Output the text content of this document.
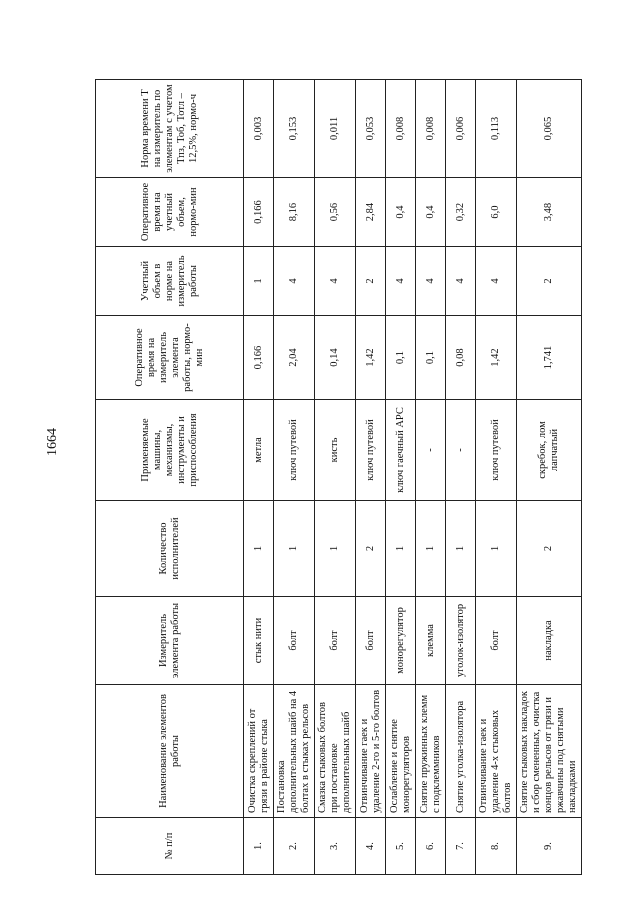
1664
№ п/п	Наименование элементов работы	Измеритель элемента работы	Количество исполнителей	Применяемые машины, механизмы, инструменты и приспособления	Оперативное время на измеритель элемента работы, нормо-мин	Учетный объем в норме на измеритель работы	Оперативное время на учетный объем, нормо-мин	Норма времени Т на измеритель по элементам с учетом Тпз, Тоб, Тотл – 12,5%, нормо-ч
1.	Очистка скреплений от грязи в районе стыка	стык нити	1	метла	0,166	1	0,166	0,003
2.	Постановка дополнительных шайб на 4 болтах в стыках рельсов	болт	1	ключ путевой	2,04	4	8,16	0,153
3.	Смазка стыковых болтов при постановке дополнительных шайб	болт	1	кисть	0,14	4	0,56	0,011
4.	Отвинчивание гаек и удаление 2-го и 5-го болтов	болт	2	ключ путевой	1,42	2	2,84	0,053
5.	Ослабление и снятие монорегуляторов	монорегулятор	1	ключ гаечный АРС	0,1	4	0,4	0,008
6.	Снятие пружинных клемм с подклеммников	клемма	1	-	0,1	4	0,4	0,008
7.	Снятие уголка-изолятора	уголок-изолятор	1	-	0,08	4	0,32	0,006
8.	Отвинчивание гаек и удаление 4-х стыковых болтов	болт	1	ключ путевой	1,42	4	6,0	0,113
9.	Снятие стыковых накладок и сбор смененных, очистка концов рельсов от грязи и ржавчины под снятыми накладками	накладка	2	скребок, лом лапчатый	1,741	2	3,48	0,065
